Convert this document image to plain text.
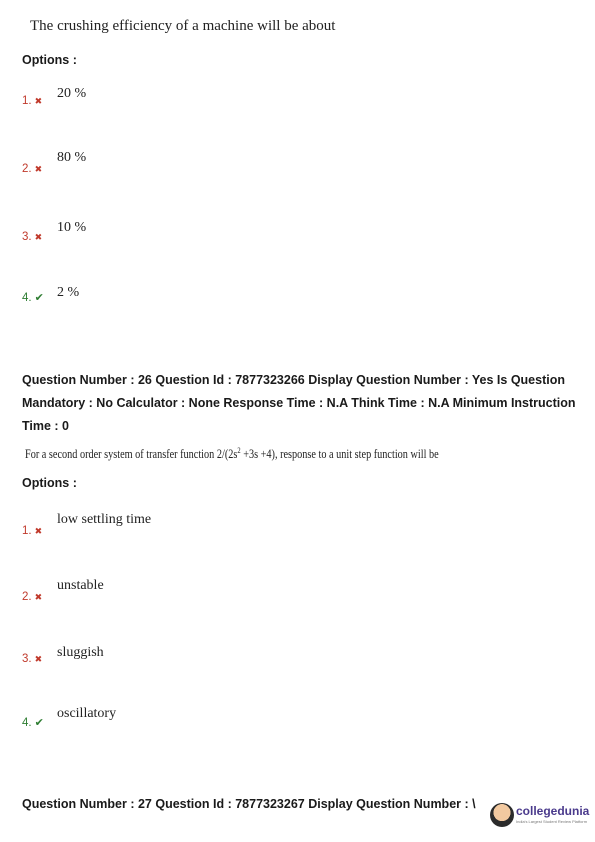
The crushing efficiency of a machine will be about
Options :
1. ✖ 20 %
2. ✖
80 %
3. ✖
10 %
4. ✔ 2 %
Question Number : 26 Question Id : 7877323266 Display Question Number : Yes Is Question Mandatory : No Calculator : None Response Time : N.A Think Time : N.A Minimum Instruction Time : 0
For a second order system of transfer function $2/(2s^2 +3s +4)$, response to a unit step function will be
Options :
1. ✖
low settling time
2. ✖
unstable
3. ✖ sluggish
4. ✔
oscillatory
Question Number : 27 Question Id : 7877323267 Display Question Number : \	collegedunia
India's Largest Student Review Platform
